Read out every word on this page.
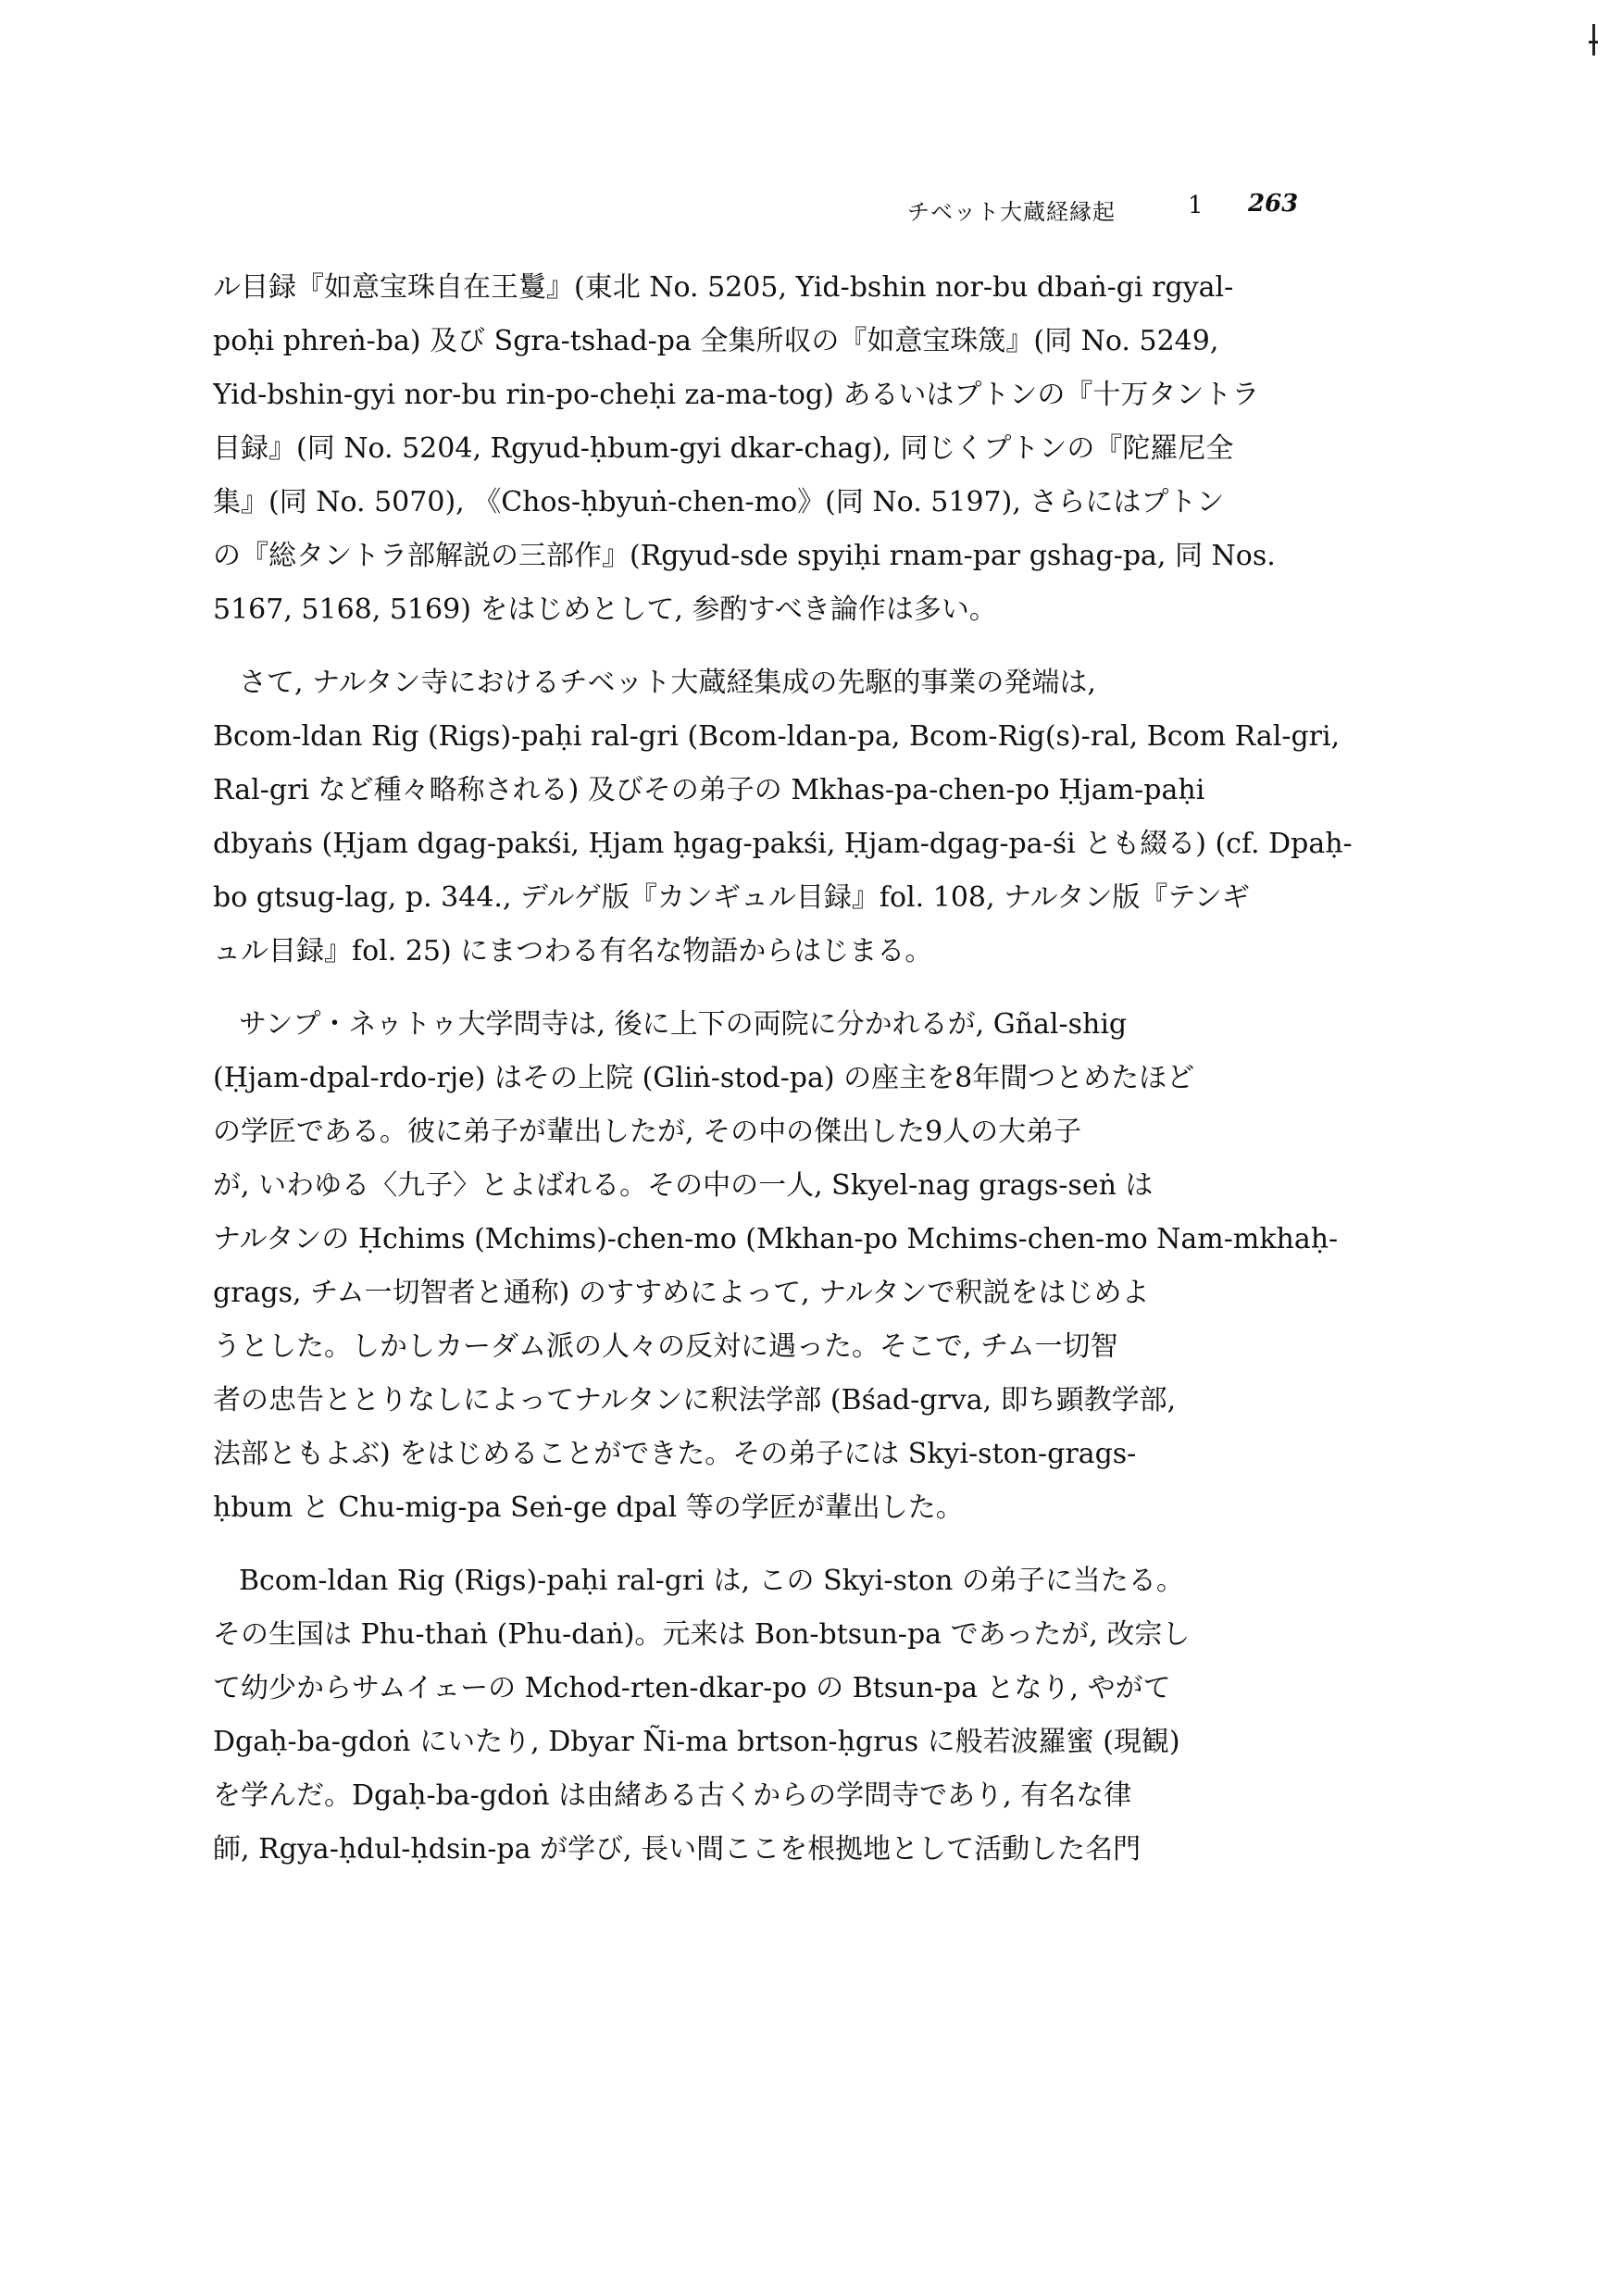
チベット大蔵経縁起	1 263
ル目録『如意宝珠自在王鬘』(東北 No. 5205, Yid-bshin nor-bu dbaṅ-gi rgyal-
poḥi phreṅ-ba) 及び Sgra-tshad-pa 全集所収の『如意宝珠筬』(同 No. 5249,
Yid-bshin-gyi nor-bu rin-po-cheḥi za-ma-tog) あるいはプトンの『十万タントラ
目録』(同 No. 5204, Rgyud-ḥbum-gyi dkar-chag), 同じくプトンの『陀羅尼全
集』(同 No. 5070), 《Chos-ḥbyuṅ-chen-mo》(同 No. 5197), さらにはプトン
の『総タントラ部解説の三部作』(Rgyud-sde spyiḥi rnam-par gshag-pa, 同 Nos.
5167, 5168, 5169) をはじめとして, 参酌すべき論作は多い。
さて, ナルタン寺におけるチベット大蔵経集成の先駆的事業の発端は,
Bcom-ldan Rig (Rigs)-paḥi ral-gri (Bcom-ldan-pa, Bcom-Rig(s)-ral, Bcom Ral-gri,
Ral-gri など種々略称される) 及びその弟子の Mkhas-pa-chen-po Ḥjam-paḥi
dbyaṅs (Ḥjam dgag-pakśi, Ḥjam ḥgag-pakśi, Ḥjam-dgag-pa-śi とも綴る) (cf. Dpaḥ-
bo gtsug-lag, p. 344., デルゲ版『カンギュル目録』fol. 108, ナルタン版『テンギ
ュル目録』fol. 25) にまつわる有名な物語からはじまる。
サンプ・ネゥトゥ大学問寺は, 後に上下の両院に分かれるが, Gñal-shig
(Ḥjam-dpal-rdo-rje) はその上院 (Gliṅ-stod-pa) の座主を8年間つとめたほど
の学匠である。彼に弟子が輩出したが, その中の傑出した9人の大弟子
が, いわゆる〈九子〉とよばれる。その中の一人, Skyel-nag grags-seṅ は
ナルタンの Ḥchims (Mchims)-chen-mo (Mkhan-po Mchims-chen-mo Nam-mkhaḥ-
grags, チム一切智者と通称) のすすめによって, ナルタンで釈説をはじめよ
うとした。しかしカーダム派の人々の反対に遇った。そこで, チム一切智
者の忠告ととりなしによってナルタンに釈法学部 (Bśad-grva, 即ち顕教学部,
法部ともよぶ) をはじめることができた。その弟子には Skyi-ston-grags-
ḥbum と Chu-mig-pa Seṅ-ge dpal 等の学匠が輩出した。
Bcom-ldan Rig (Rigs)-paḥi ral-gri は, この Skyi-ston の弟子に当たる。
その生国は Phu-thaṅ (Phu-daṅ)。元来は Bon-btsun-pa であったが, 改宗し
て幼少からサムイェーの Mchod-rten-dkar-po の Btsun-pa となり, やがて
Dgaḥ-ba-gdoṅ にいたり, Dbyar Ñi-ma brtson-ḥgrus に般若波羅蜜 (現観)
を学んだ。Dgaḥ-ba-gdoṅ は由緒ある古くからの学問寺であり, 有名な律
師, Rgya-ḥdul-ḥdsin-pa が学び, 長い間ここを根拠地として活動した名門
